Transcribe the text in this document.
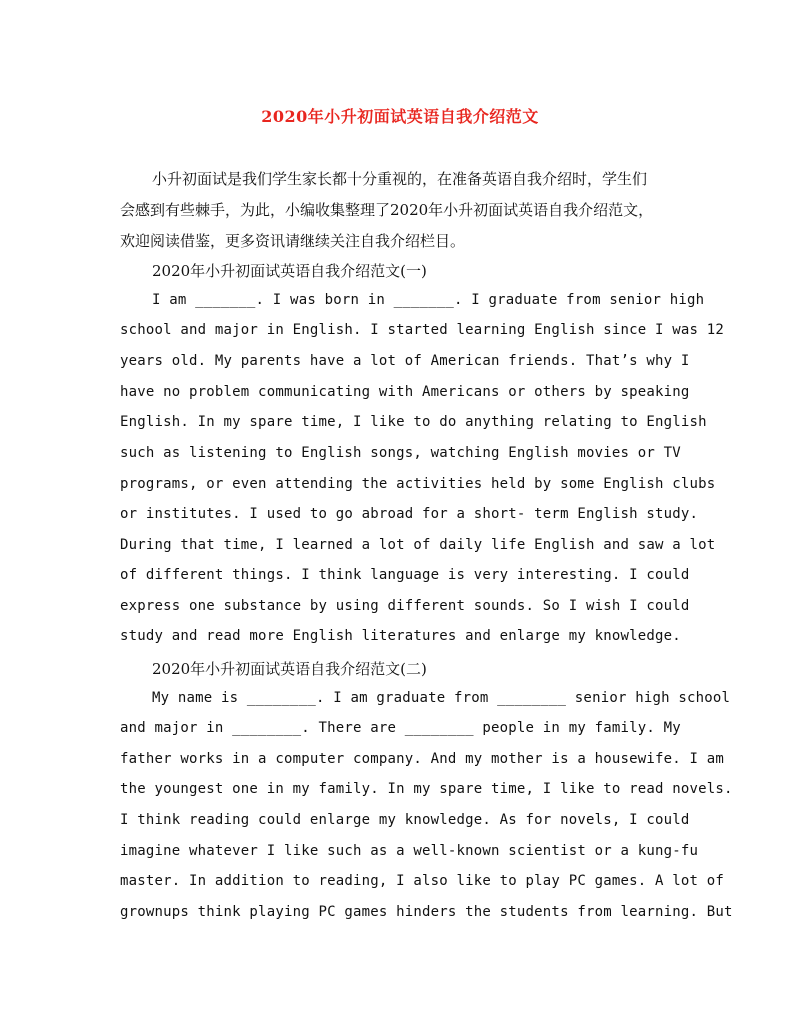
2020年小升初面试英语自我介绍范文
小升初面试是我们学生家长都十分重视的，在准备英语自我介绍时，学生们
会感到有些棘手，为此，小编收集整理了2020年小升初面试英语自我介绍范文，
欢迎阅读借鉴，更多资讯请继续关注自我介绍栏目。
2020年小升初面试英语自我介绍范文(一)
I am _______. I was born in _______. I graduate from senior high
school and major in English. I started learning English since I was 12
years old. My parents have a lot of American friends. That’s why I
have no problem communicating with Americans or others by speaking
English. In my spare time, I like to do anything relating to English
such as listening to English songs, watching English movies or TV
programs, or even attending the activities held by some English clubs
or institutes. I used to go abroad for a short- term English study.
During that time, I learned a lot of daily life English and saw a lot
of different things. I think language is very interesting. I could
express one substance by using different sounds. So I wish I could
study and read more English literatures and enlarge my knowledge.
2020年小升初面试英语自我介绍范文(二)
My name is ________. I am graduate from ________ senior high school
and major in ________. There are ________ people in my family. My
father works in a computer company. And my mother is a housewife. I am
the youngest one in my family. In my spare time, I like to read novels.
I think reading could enlarge my knowledge. As for novels, I could
imagine whatever I like such as a well-known scientist or a kung-fu
master. In addition to reading, I also like to play PC games. A lot of
grownups think playing PC games hinders the students from learning. But
